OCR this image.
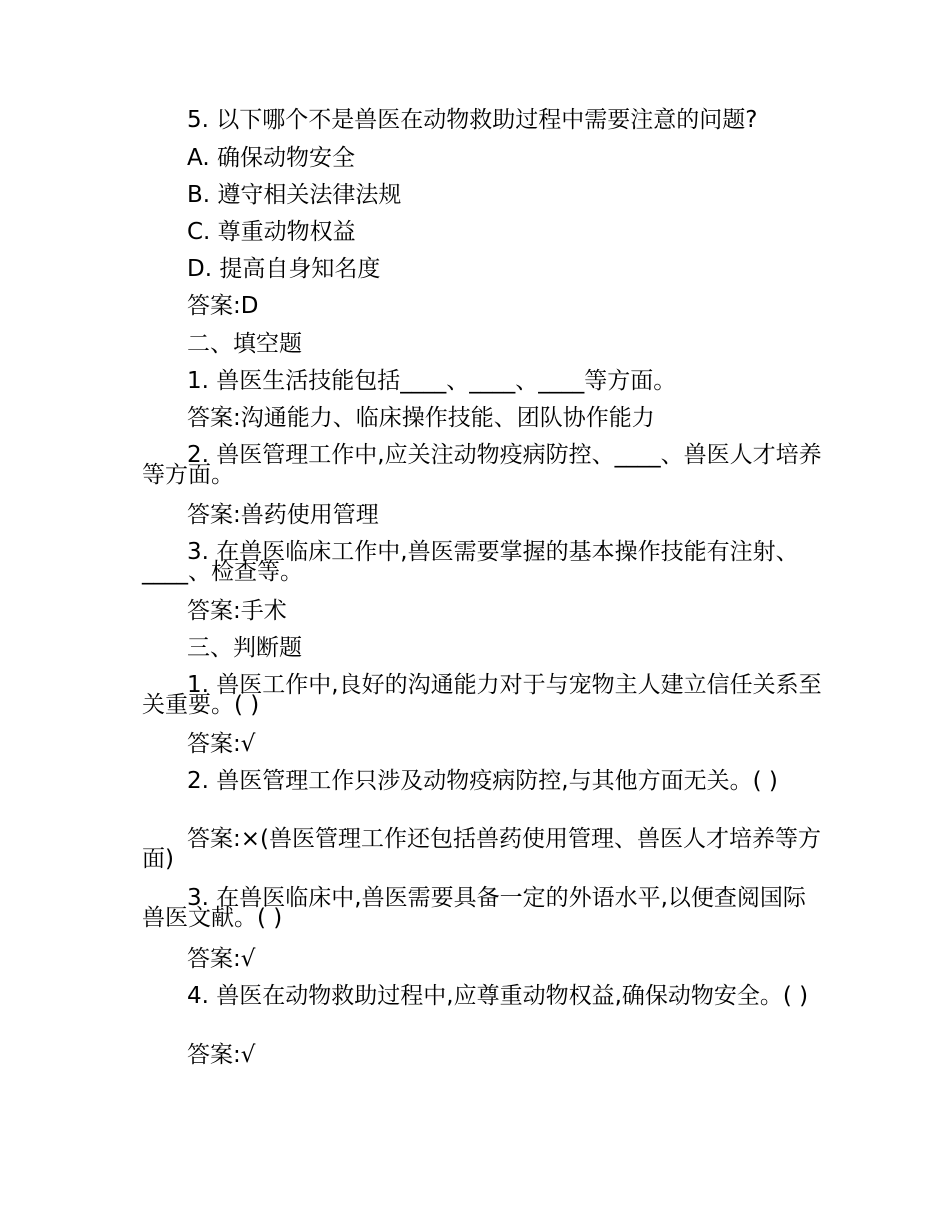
5. 以下哪个不是兽医在动物救助过程中需要注意的问题?
A. 确保动物安全
B. 遵守相关法律法规
C. 尊重动物权益
D. 提高自身知名度
答案:D
二、填空题
1. 兽医生活技能包括____、____、____等方面。
答案:沟通能力、临床操作技能、团队协作能力
2. 兽医管理工作中,应关注动物疫病防控、____、兽医人才培养等方面。
答案:兽药使用管理
3. 在兽医临床工作中,兽医需要掌握的基本操作技能有注射、____、检查等。
答案:手术
三、判断题
1. 兽医工作中,良好的沟通能力对于与宠物主人建立信任关系至关重要。( )
答案:√
2. 兽医管理工作只涉及动物疫病防控,与其他方面无关。( )
答案:×(兽医管理工作还包括兽药使用管理、兽医人才培养等方面)
3. 在兽医临床中,兽医需要具备一定的外语水平,以便查阅国际兽医文献。( )
答案:√
4. 兽医在动物救助过程中,应尊重动物权益,确保动物安全。( )
答案:√
